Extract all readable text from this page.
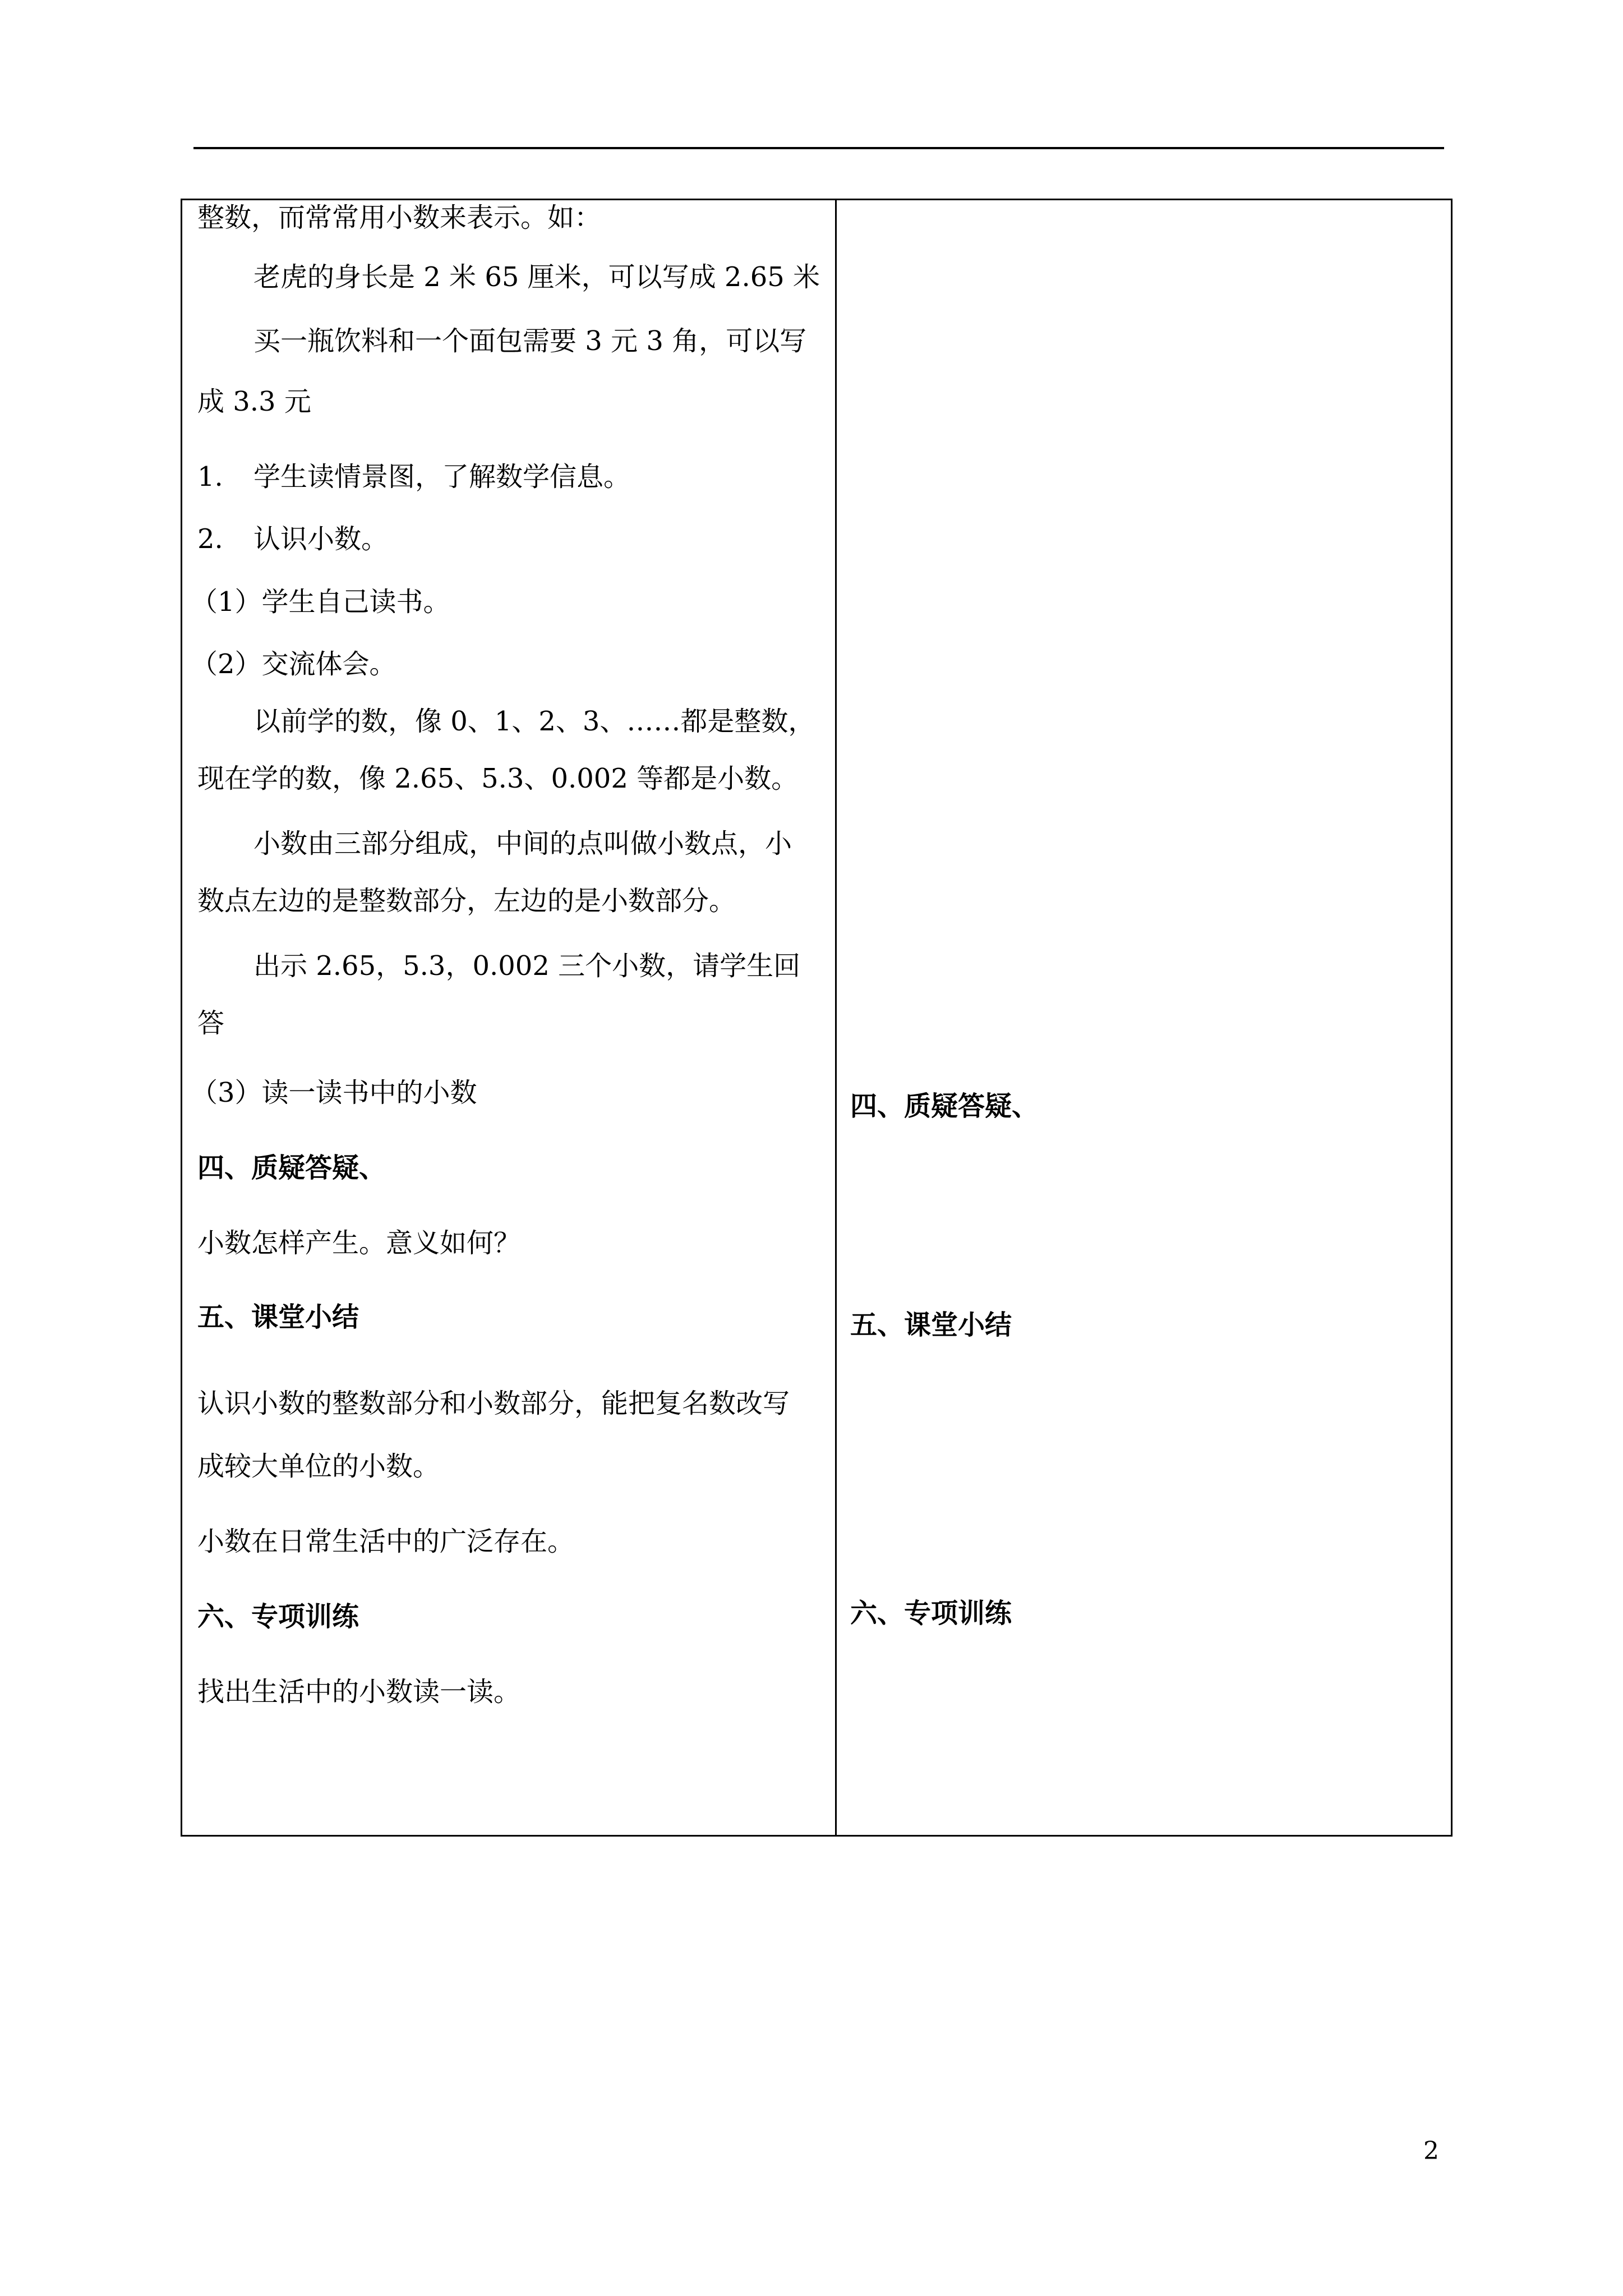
整数，而常常用小数来表示。如：
老虎的身长是 2 米 65 厘米，可以写成 2.65 米
买一瓶饮料和一个面包需要 3 元 3 角，可以写
成 3.3 元
1. 学生读情景图，了解数学信息。
2. 认识小数。
（1）学生自己读书。
（2）交流体会。
以前学的数，像 0、1、2、3、……都是整数，
现在学的数，像 2.65、5.3、0.002 等都是小数。
小数由三部分组成，中间的点叫做小数点，小
数点左边的是整数部分，左边的是小数部分。
出示 2.65，5.3，0.002 三个小数，请学生回
答
（3）读一读书中的小数
四、质疑答疑、
小数怎样产生。意义如何？
五、课堂小结
认识小数的整数部分和小数部分，能把复名数改写
成较大单位的小数。
小数在日常生活中的广泛存在。
六、专项训练
找出生活中的小数读一读。
四、质疑答疑、
五、课堂小结
六、专项训练
2
